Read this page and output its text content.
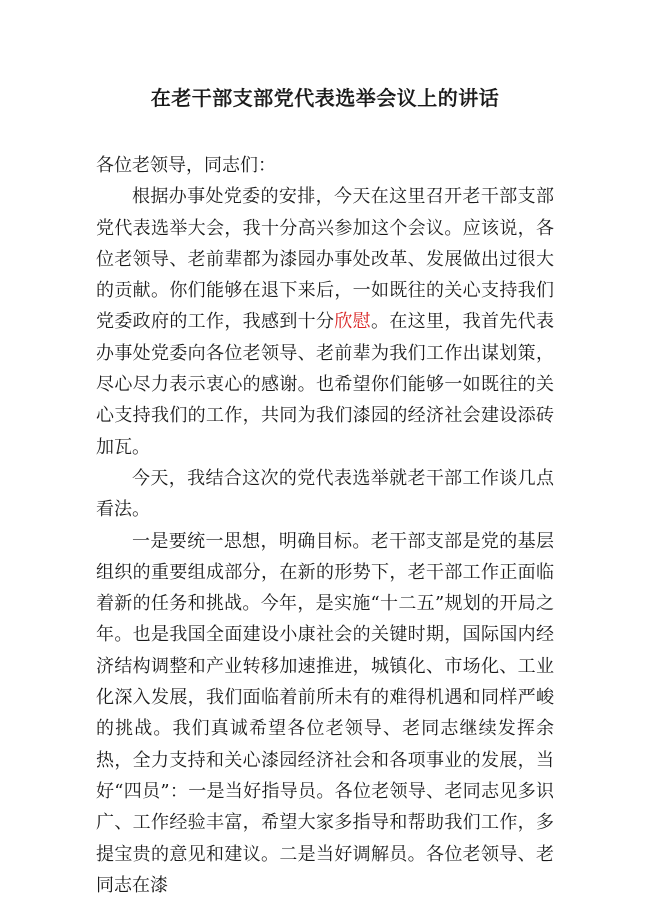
在老干部支部党代表选举会议上的讲话

各位老领导，同志们：

根据办事处党委的安排，今天在这里召开老干部支部党代表选举大会，我十分高兴参加这个会议。应该说，各位老领导、老前辈都为漆园办事处改革、发展做出过很大的贡献。你们能够在退下来后，一如既往的关心支持我们党委政府的工作，我感到十分欣慰。在这里，我首先代表办事处党委向各位老领导、老前辈为我们工作出谋划策，尽心尽力表示衷心的感谢。也希望你们能够一如既往的关心支持我们的工作，共同为我们漆园的经济社会建设添砖加瓦。

今天，我结合这次的党代表选举就老干部工作谈几点看法。

一是要统一思想，明确目标。老干部支部是党的基层组织的重要组成部分，在新的形势下，老干部工作正面临着新的任务和挑战。今年，是实施“十二五”规划的开局之年。也是我国全面建设小康社会的关键时期，国际国内经济结构调整和产业转移加速推进，城镇化、市场化、工业化深入发展，我们面临着前所未有的难得机遇和同样严峻的挑战。我们真诚希望各位老领导、老同志继续发挥余热，全力支持和关心漆园经济社会和各项事业的发展，当好“四员”：一是当好指导员。各位老领导、老同志见多识广、工作经验丰富，希望大家多指导和帮助我们工作，多提宝贵的意见和建议。二是当好调解员。各位老领导、老同志在漆
